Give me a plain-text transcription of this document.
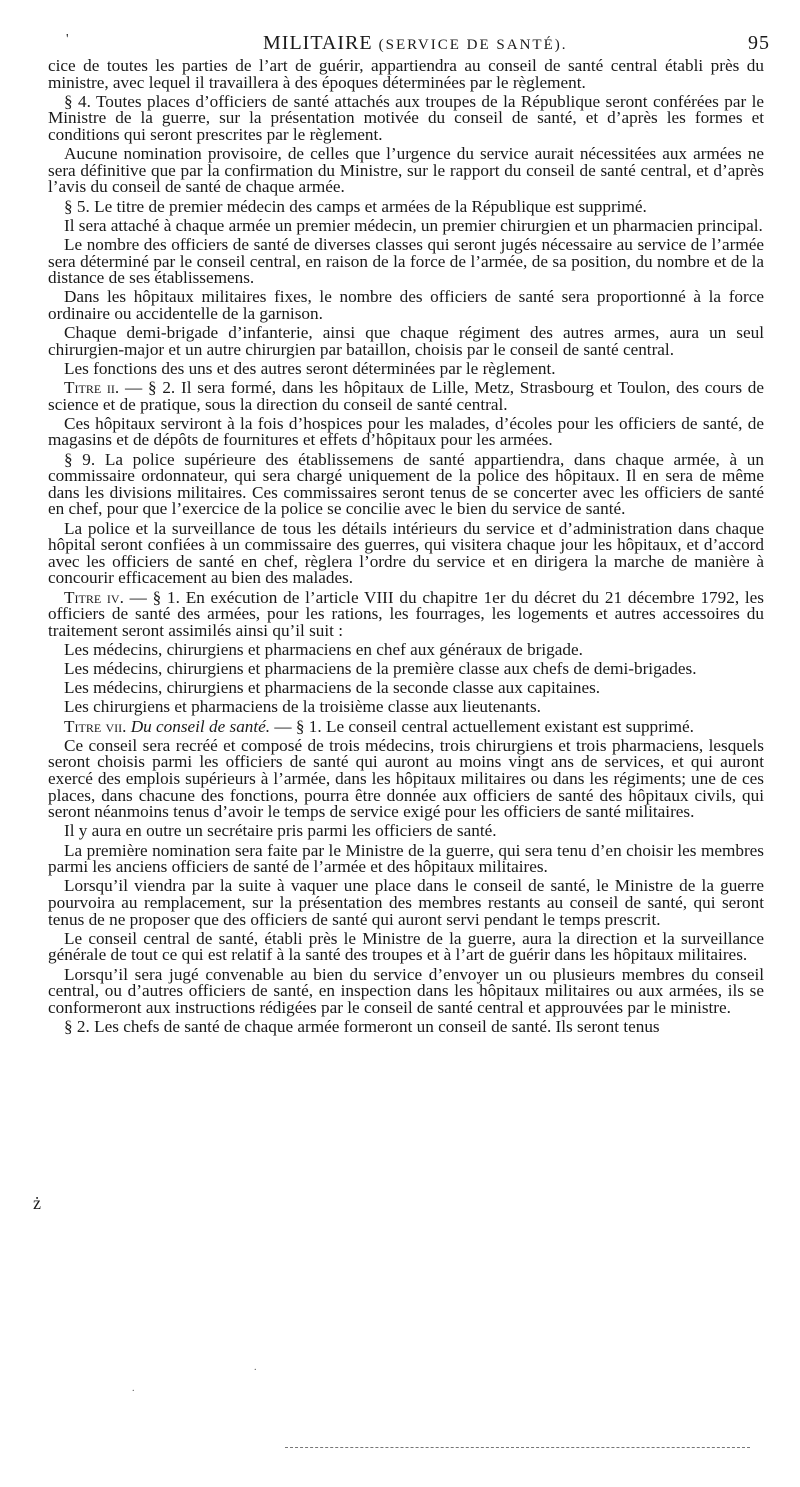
'	MILITAIRE (SERVICE DE SANTÉ).	95

cice de toutes les parties de l’art de guérir, appartiendra au conseil de santé central établi près du ministre, avec lequel il travaillera à des époques déterminées par le règlement.

§ 4. Toutes places d’officiers de santé attachés aux troupes de la République seront conférées par le Ministre de la guerre, sur la présentation motivée du conseil de santé, et d’après les formes et conditions qui seront prescrites par le règlement.

Aucune nomination provisoire, de celles que l’urgence du service aurait nécessitées aux armées ne sera définitive que par la confirmation du Ministre, sur le rapport du conseil de santé central, et d’après l’avis du conseil de santé de chaque armée.

§ 5. Le titre de premier médecin des camps et armées de la République est supprimé.

Il sera attaché à chaque armée un premier médecin, un premier chirurgien et un pharmacien principal.

Le nombre des officiers de santé de diverses classes qui seront jugés nécessaire au service de l’armée sera déterminé par le conseil central, en raison de la force de l’armée, de sa position, du nombre et de la distance de ses établissemens.

Dans les hôpitaux militaires fixes, le nombre des officiers de santé sera proportionné à la force ordinaire ou accidentelle de la garnison.

Chaque demi-brigade d’infanterie, ainsi que chaque régiment des autres armes, aura un seul chirurgien-major et un autre chirurgien par bataillon, choisis par le conseil de santé central.

Les fonctions des uns et des autres seront déterminées par le règlement.

Titre ii. — § 2. Il sera formé, dans les hôpitaux de Lille, Metz, Strasbourg et Toulon, des cours de science et de pratique, sous la direction du conseil de santé central.

Ces hôpitaux serviront à la fois d’hospices pour les malades, d’écoles pour les officiers de santé, de magasins et de dépôts de fournitures et effets d’hôpitaux pour les armées.

§ 9. La police supérieure des établissemens de santé appartiendra, dans chaque armée, à un commissaire ordonnateur, qui sera chargé uniquement de la police des hôpitaux. Il en sera de même dans les divisions militaires. Ces commissaires seront tenus de se concerter avec les officiers de santé en chef, pour que l’exercice de la police se concilie avec le bien du service de santé.

La police et la surveillance de tous les détails intérieurs du service et d’administration dans chaque hôpital seront confiées à un commissaire des guerres, qui visitera chaque jour les hôpitaux, et d’accord avec les officiers de santé en chef, règlera l’ordre du service et en dirigera la marche de manière à concourir efficacement au bien des malades.

Titre iv. — § 1. En exécution de l’article VIII du chapitre 1er du décret du 21 décembre 1792, les officiers de santé des armées, pour les rations, les fourrages, les logements et autres accessoires du traitement seront assimilés ainsi qu’il suit :

Les médecins, chirurgiens et pharmaciens en chef aux généraux de brigade.

Les médecins, chirurgiens et pharmaciens de la première classe aux chefs de demi-brigades.

Les médecins, chirurgiens et pharmaciens de la seconde classe aux capitaines.

Les chirurgiens et pharmaciens de la troisième classe aux lieutenants.

Titre vii. Du conseil de santé. — § 1. Le conseil central actuellement existant est supprimé.

Ce conseil sera recréé et composé de trois médecins, trois chirurgiens et trois pharmaciens, lesquels seront choisis parmi les officiers de santé qui auront au moins vingt ans de services, et qui auront exercé des emplois supérieurs à l’armée, dans les hôpitaux militaires ou dans les régiments; une de ces places, dans chacune des fonctions, pourra être donnée aux officiers de santé des hôpitaux civils, qui seront néanmoins tenus d’avoir le temps de service exigé pour les officiers de santé militaires.

Il y aura en outre un secrétaire pris parmi les officiers de santé.

La première nomination sera faite par le Ministre de la guerre, qui sera tenu d’en choisir les membres parmi les anciens officiers de santé de l’armée et des hôpitaux militaires.

Lorsqu’il viendra par la suite à vaquer une place dans le conseil de santé, le Ministre de la guerre pourvoira au remplacement, sur la présentation des membres restants au conseil de santé, qui seront tenus de ne proposer que des officiers de santé qui auront servi pendant le temps prescrit.

Le conseil central de santé, établi près le Ministre de la guerre, aura la direction et la surveillance générale de tout ce qui est relatif à la santé des troupes et à l’art de guérir dans les hôpitaux militaires.

Lorsqu’il sera jugé convenable au bien du service d’envoyer un ou plusieurs membres du conseil central, ou d’autres officiers de santé, en inspection dans les hôpitaux militaires ou aux armées, ils se conformeront aux instructions rédigées par le conseil de santé central et approuvées par le ministre.

§ 2. Les chefs de santé de chaque armée formeront un conseil de santé. Ils seront tenus

ż
.
.
